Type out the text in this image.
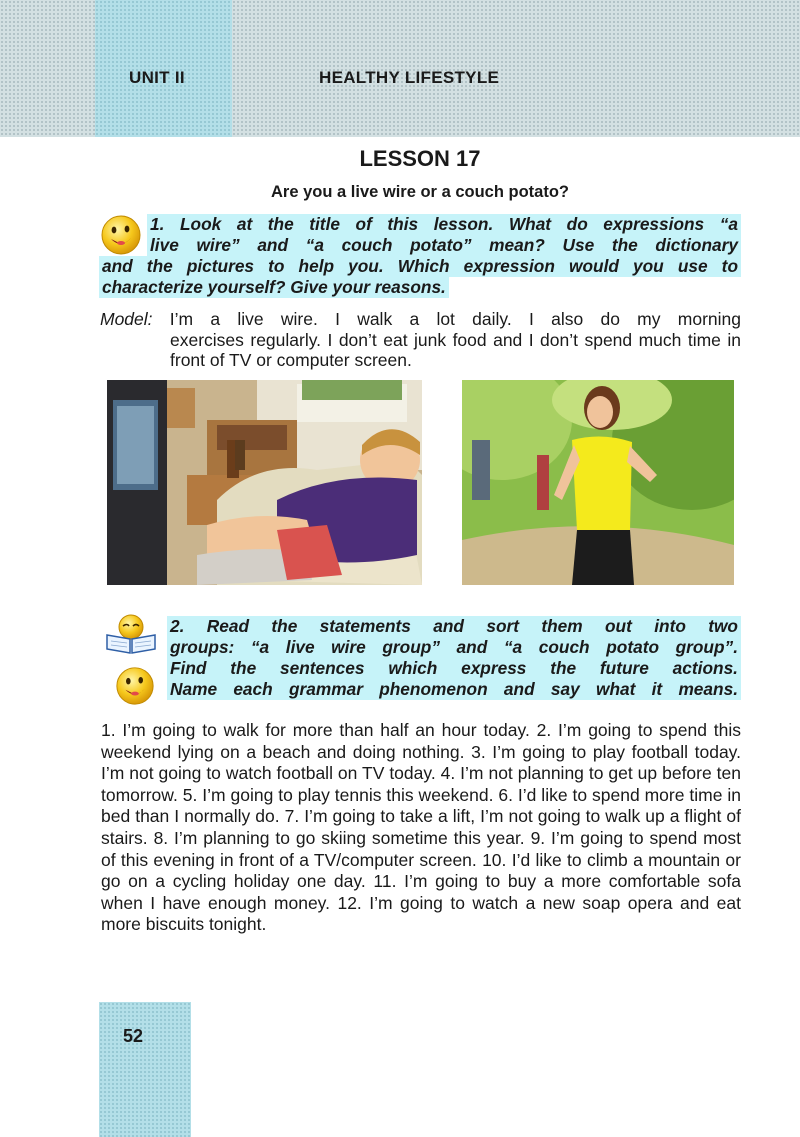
UNIT II	HEALTHY LIFESTYLE
LESSON 17
Are you a live wire or a couch potato?
1. Look at the title of this lesson. What do expressions “a
live wire” and “a couch potato” mean? Use the dictionary
and the pictures to help you. Which expression would you use to
characterize yourself? Give your reasons.
Model: I’m a live wire. I walk a lot daily. I also do my morning
exercises regularly. I don’t eat junk food and I don’t spend much time in front of TV or computer screen.
2. Read the statements and sort them out into two
groups: “a live wire group” and “a couch potato group”.
Find the sentences which express the future actions.
Name each grammar phenomenon and say what it means.
1. I’m going to walk for more than half an hour today. 2. I’m going to spend this weekend lying on a beach and doing nothing. 3. I’m going to play football today. I’m not going to watch football on TV today. 4. I’m not planning to get up before ten tomorrow. 5. I’m going to play tennis this weekend. 6. I’d like to spend more time in bed than I normally do. 7. I’m going to take a lift, I’m not going to walk up a flight of stairs. 8. I’m planning to go skiing sometime this year. 9. I’m going to spend most of this evening in front of a TV/computer screen. 10. I’d like to climb a mountain or go on a cycling holiday one day. 11. I’m going to buy a more comfortable sofa when I have enough money. 12. I’m going to watch a new soap opera and eat more biscuits tonight.
52
